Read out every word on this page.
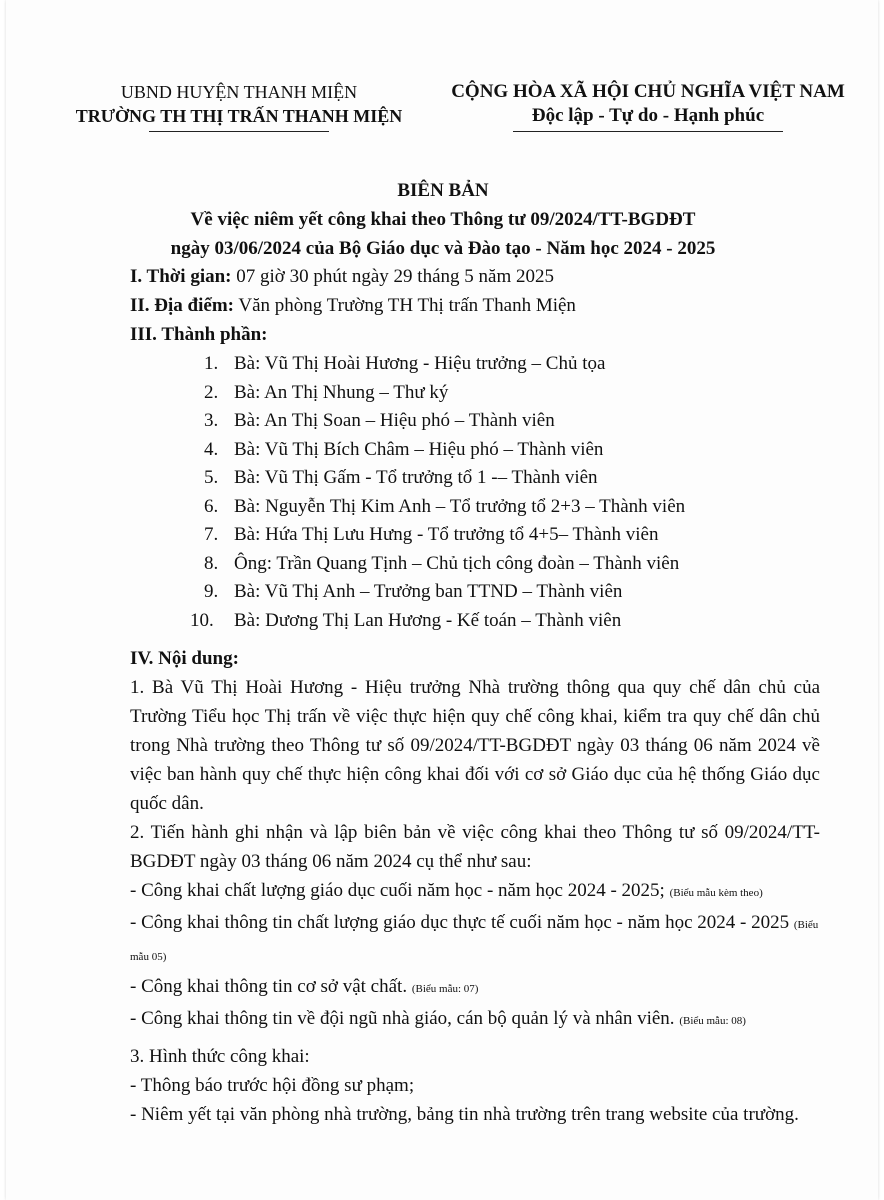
UBND HUYỆN THANH MIỆN
TRƯỜNG TH THỊ TRẤN THANH MIỆN
CỘNG HÒA XÃ HỘI CHỦ NGHĨA VIỆT NAM
Độc lập - Tự do - Hạnh phúc
BIÊN BẢN
Về việc niêm yết công khai theo Thông tư 09/2024/TT-BGDĐT
ngày 03/06/2024 của Bộ Giáo dục và Đào tạo - Năm học 2024 - 2025

I. Thời gian: 07 giờ 30 phút ngày 29 tháng 5 năm 2025

II. Địa điểm: Văn phòng Trường TH Thị trấn Thanh Miện

III. Thành phần:

1. Bà: Vũ Thị Hoài Hương - Hiệu trưởng – Chủ tọa
2. Bà: An Thị Nhung – Thư ký
3. Bà: An Thị Soan – Hiệu phó – Thành viên
4. Bà: Vũ Thị Bích Châm – Hiệu phó – Thành viên
5. Bà: Vũ Thị Gấm - Tổ trưởng tổ 1 -– Thành viên
6. Bà: Nguyễn Thị Kim Anh – Tổ trưởng tổ 2+3 – Thành viên
7. Bà: Hứa Thị Lưu Hưng - Tổ trưởng tổ 4+5– Thành viên
8. Ông: Trần Quang Tịnh – Chủ tịch công đoàn – Thành viên
9. Bà: Vũ Thị Anh – Trưởng ban TTND – Thành viên
10. Bà: Dương Thị Lan Hương - Kế toán – Thành viên

IV. Nội dung:

1. Bà Vũ Thị Hoài Hương - Hiệu trưởng Nhà trường thông qua quy chế dân chủ của Trường Tiểu học Thị trấn về việc thực hiện quy chế công khai, kiểm tra quy chế dân chủ trong Nhà trường theo Thông tư số 09/2024/TT-BGDĐT ngày 03 tháng 06 năm 2024 về việc ban hành quy chế thực hiện công khai đối với cơ sở Giáo dục của hệ thống Giáo dục quốc dân.

2. Tiến hành ghi nhận và lập biên bản về việc công khai theo Thông tư số 09/2024/TT-BGDĐT ngày 03 tháng 06 năm 2024 cụ thể như sau:

- Công khai chất lượng giáo dục cuối năm học - năm học 2024 - 2025; (Biểu mẫu kèm theo)

- Công khai thông tin chất lượng giáo dục thực tế cuối năm học - năm học 2024 - 2025 (Biểu mẫu 05)

- Công khai thông tin cơ sở vật chất. (Biểu mẫu: 07)

- Công khai thông tin về đội ngũ nhà giáo, cán bộ quản lý và nhân viên. (Biểu mẫu: 08)

3. Hình thức công khai:

- Thông báo trước hội đồng sư phạm;

- Niêm yết tại văn phòng nhà trường, bảng tin nhà trường trên trang website của trường.
